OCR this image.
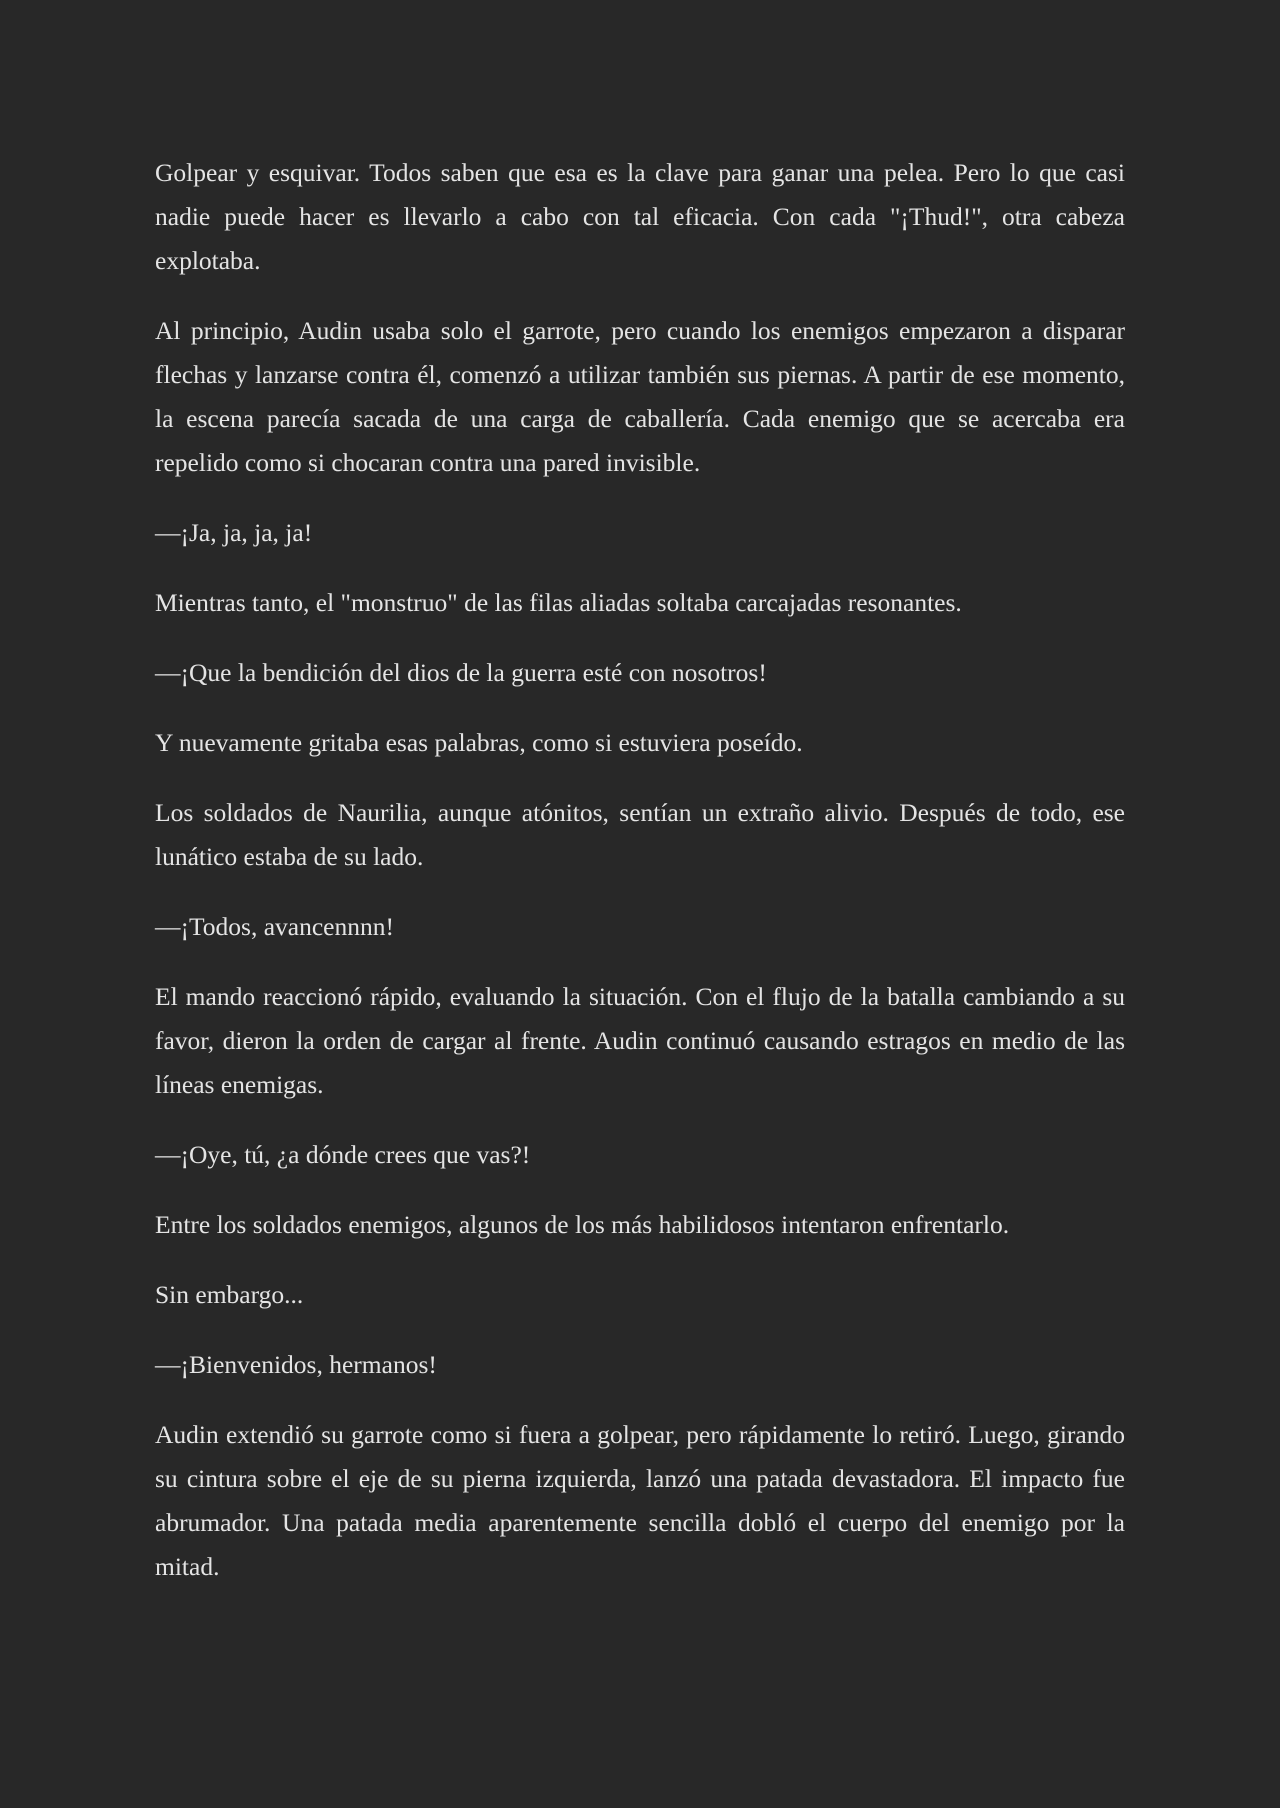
Golpear y esquivar. Todos saben que esa es la clave para ganar una pelea. Pero lo que casi nadie puede hacer es llevarlo a cabo con tal eficacia. Con cada "¡Thud!", otra cabeza explotaba.

Al principio, Audin usaba solo el garrote, pero cuando los enemigos empezaron a disparar flechas y lanzarse contra él, comenzó a utilizar también sus piernas. A partir de ese momento, la escena parecía sacada de una carga de caballería. Cada enemigo que se acercaba era repelido como si chocaran contra una pared invisible.

—¡Ja, ja, ja, ja!

Mientras tanto, el "monstruo" de las filas aliadas soltaba carcajadas resonantes.

—¡Que la bendición del dios de la guerra esté con nosotros!

Y nuevamente gritaba esas palabras, como si estuviera poseído.

Los soldados de Naurilia, aunque atónitos, sentían un extraño alivio. Después de todo, ese lunático estaba de su lado.

—¡Todos, avancennnn!

El mando reaccionó rápido, evaluando la situación. Con el flujo de la batalla cambiando a su favor, dieron la orden de cargar al frente. Audin continuó causando estragos en medio de las líneas enemigas.

—¡Oye, tú, ¿a dónde crees que vas?!

Entre los soldados enemigos, algunos de los más habilidosos intentaron enfrentarlo.

Sin embargo...

—¡Bienvenidos, hermanos!

Audin extendió su garrote como si fuera a golpear, pero rápidamente lo retiró. Luego, girando su cintura sobre el eje de su pierna izquierda, lanzó una patada devastadora. El impacto fue abrumador. Una patada media aparentemente sencilla dobló el cuerpo del enemigo por la mitad.
